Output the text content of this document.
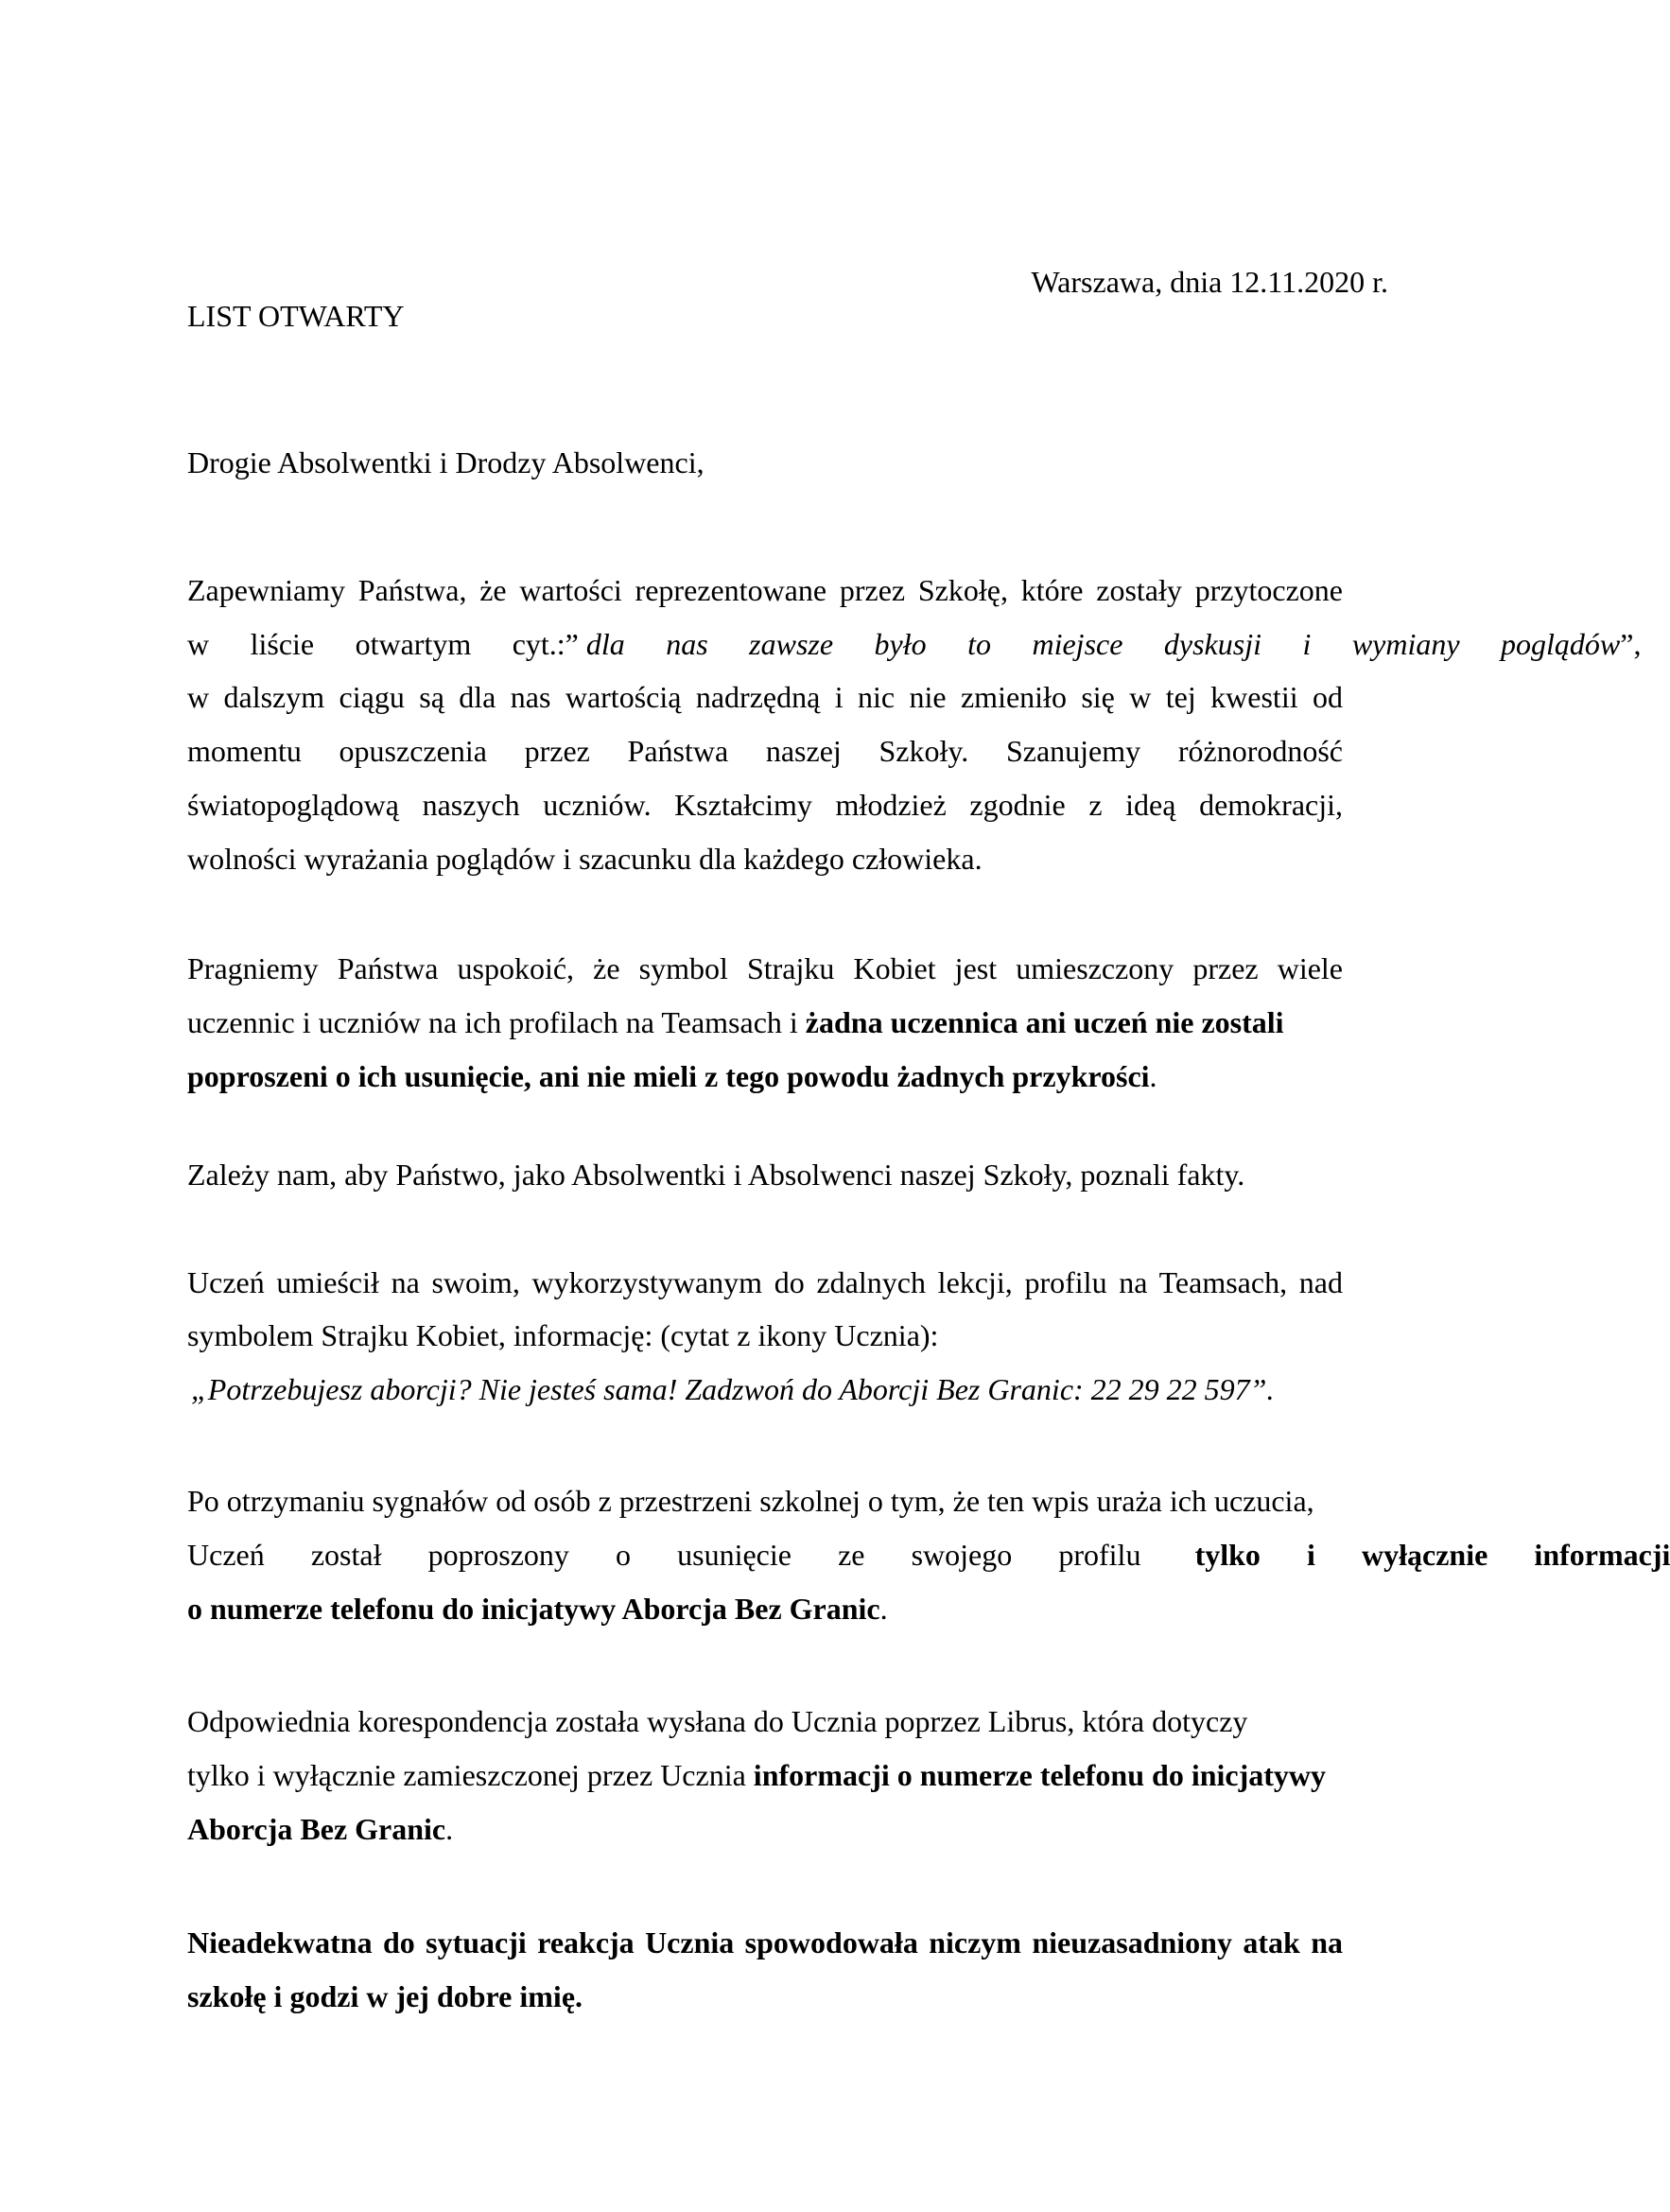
Warszawa, dnia 12.11.2020 r.
LIST OTWARTY
Drogie Absolwentki i Drodzy Absolwenci,
Zapewniamy Państwa, że wartości reprezentowane przez Szkołę, które zostały przytoczone
w liście otwartym cyt.:” dla nas zawsze było to miejsce dyskusji i wymiany poglądów”,
w dalszym ciągu są dla nas wartością nadrzędną i nic nie zmieniło się w tej kwestii od
momentu opuszczenia przez Państwa naszej Szkoły. Szanujemy różnorodność
światopoglądową naszych uczniów. Kształcimy młodzież zgodnie z ideą demokracji,
wolności wyrażania poglądów i szacunku dla każdego człowieka.
Pragniemy Państwa uspokoić, że symbol Strajku Kobiet jest umieszczony przez wiele
uczennic i uczniów na ich profilach na Teamsach i żadna uczennica ani uczeń nie zostali
poproszeni o ich usunięcie, ani nie mieli z tego powodu żadnych przykrości.
Zależy nam, aby Państwo, jako Absolwentki i Absolwenci naszej Szkoły, poznali fakty.
Uczeń umieścił na swoim, wykorzystywanym do zdalnych lekcji, profilu na Teamsach, nad
symbolem Strajku Kobiet, informację: (cytat z ikony Ucznia):
„Potrzebujesz aborcji? Nie jesteś sama! Zadzwoń do Aborcji Bez Granic: 22 29 22 597”.
Po otrzymaniu sygnałów od osób z przestrzeni szkolnej o tym, że ten wpis uraża ich uczucia,
Uczeń został poproszony o usunięcie ze swojego profilu  tylko i wyłącznie informacji
o numerze telefonu do inicjatywy Aborcja Bez Granic.
Odpowiednia korespondencja została wysłana do Ucznia poprzez Librus, która dotyczy
tylko i wyłącznie zamieszczonej przez Ucznia informacji o numerze telefonu do inicjatywy
Aborcja Bez Granic.
Nieadekwatna do sytuacji reakcja Ucznia spowodowała niczym nieuzasadniony atak na
szkołę i godzi w jej dobre imię.
